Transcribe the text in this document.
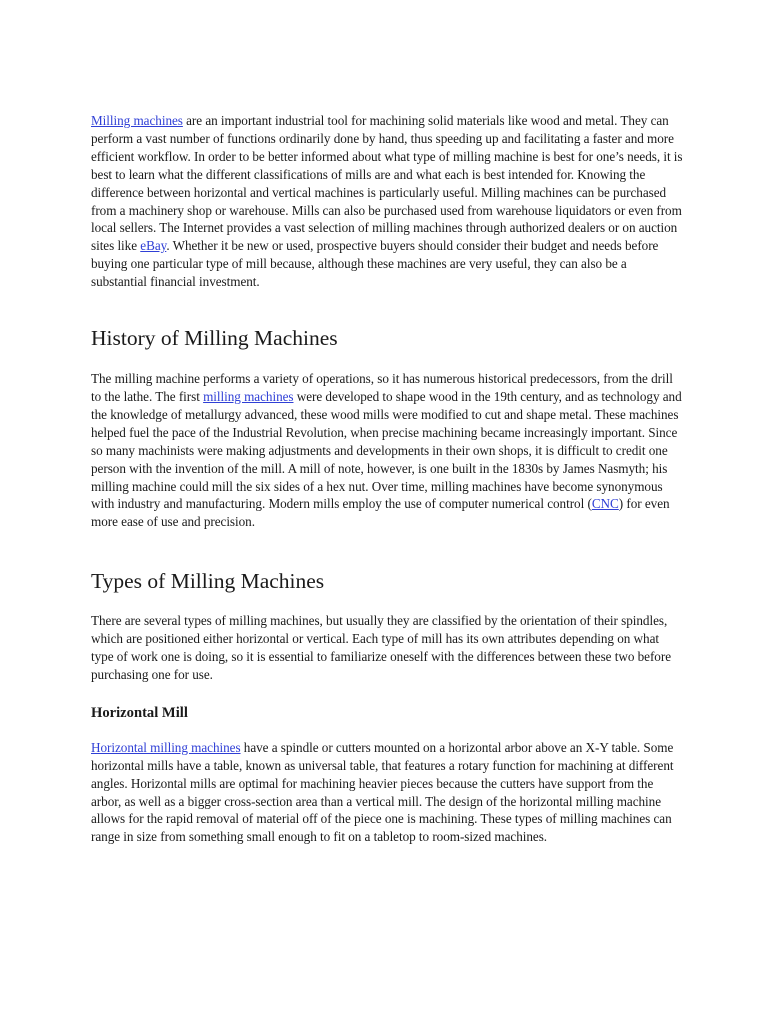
Milling machines are an important industrial tool for machining solid materials like wood and metal. They can perform a vast number of functions ordinarily done by hand, thus speeding up and facilitating a faster and more efficient workflow. In order to be better informed about what type of milling machine is best for one’s needs, it is best to learn what the different classifications of mills are and what each is best intended for. Knowing the difference between horizontal and vertical machines is particularly useful. Milling machines can be purchased from a machinery shop or warehouse. Mills can also be purchased used from warehouse liquidators or even from local sellers. The Internet provides a vast selection of milling machines through authorized dealers or on auction sites like eBay. Whether it be new or used, prospective buyers should consider their budget and needs before buying one particular type of mill because, although these machines are very useful, they can also be a substantial financial investment.

History of Milling Machines

The milling machine performs a variety of operations, so it has numerous historical predecessors, from the drill to the lathe. The first milling machines were developed to shape wood in the 19th century, and as technology and the knowledge of metallurgy advanced, these wood mills were modified to cut and shape metal. These machines helped fuel the pace of the Industrial Revolution, when precise machining became increasingly important. Since so many machinists were making adjustments and developments in their own shops, it is difficult to credit one person with the invention of the mill. A mill of note, however, is one built in the 1830s by James Nasmyth; his milling machine could mill the six sides of a hex nut. Over time, milling machines have become synonymous with industry and manufacturing. Modern mills employ the use of computer numerical control (CNC) for even more ease of use and precision.

Types of Milling Machines

There are several types of milling machines, but usually they are classified by the orientation of their spindles, which are positioned either horizontal or vertical. Each type of mill has its own attributes depending on what type of work one is doing, so it is essential to familiarize oneself with the differences between these two before purchasing one for use.

Horizontal Mill

Horizontal milling machines have a spindle or cutters mounted on a horizontal arbor above an X-Y table. Some horizontal mills have a table, known as universal table, that features a rotary function for machining at different angles. Horizontal mills are optimal for machining heavier pieces because the cutters have support from the arbor, as well as a bigger cross-section area than a vertical mill. The design of the horizontal milling machine allows for the rapid removal of material off of the piece one is machining. These types of milling machines can range in size from something small enough to fit on a tabletop to room-sized machines.
